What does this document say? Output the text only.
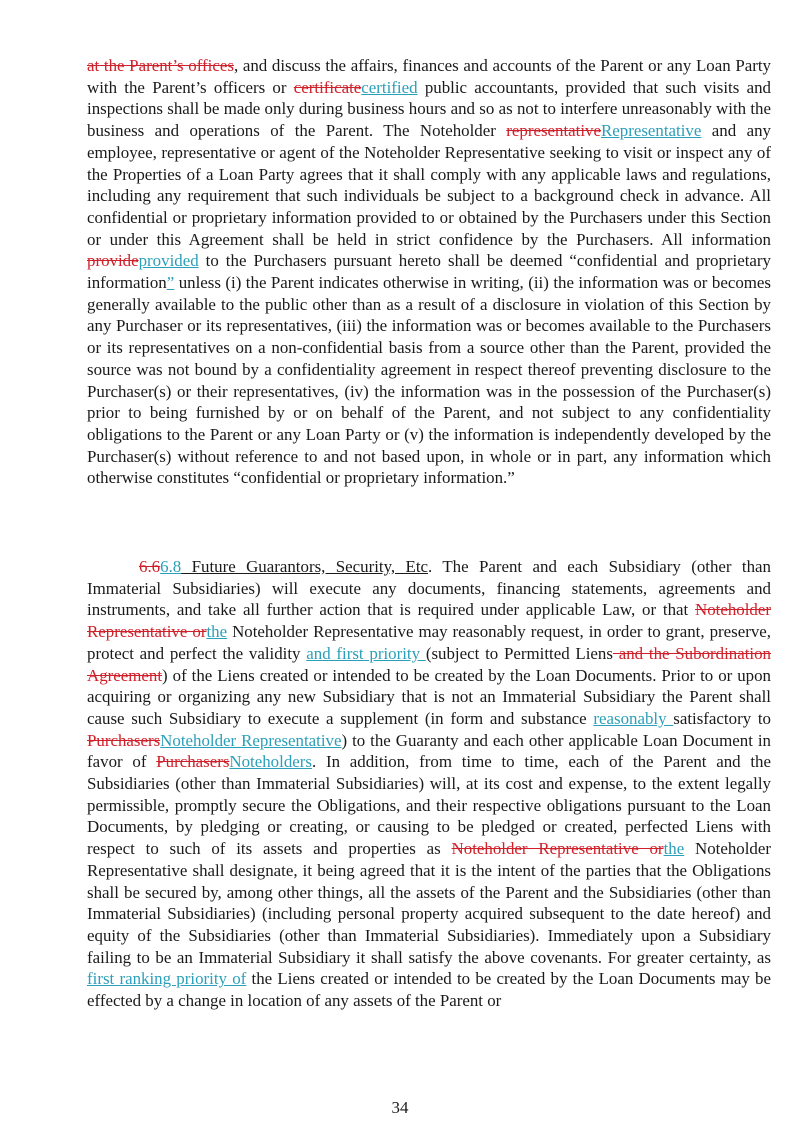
at the Parent’s offices, and discuss the affairs, finances and accounts of the Parent or any Loan Party with the Parent’s officers or certificatecertified public accountants, provided that such visits and inspections shall be made only during business hours and so as not to interfere unreasonably with the business and operations of the Parent. The Noteholder representativeRepresentative and any employee, representative or agent of the Noteholder Representative seeking to visit or inspect any of the Properties of a Loan Party agrees that it shall comply with any applicable laws and regulations, including any requirement that such individuals be subject to a background check in advance. All confidential or proprietary information provided to or obtained by the Purchasers under this Section or under this Agreement shall be held in strict confidence by the Purchasers. All information provideprovided to the Purchasers pursuant hereto shall be deemed “confidential and proprietary information” unless (i) the Parent indicates otherwise in writing, (ii) the information was or becomes generally available to the public other than as a result of a disclosure in violation of this Section by any Purchaser or its representatives, (iii) the information was or becomes available to the Purchasers or its representatives on a non-confidential basis from a source other than the Parent, provided the source was not bound by a confidentiality agreement in respect thereof preventing disclosure to the Purchaser(s) or their representatives, (iv) the information was in the possession of the Purchaser(s) prior to being furnished by or on behalf of the Parent, and not subject to any confidentiality obligations to the Parent or any Loan Party or (v) the information is independently developed by the Purchaser(s) without reference to and not based upon, in whole or in part, any information which otherwise constitutes “confidential or proprietary information.”

6.66.8 Future Guarantors, Security, Etc. The Parent and each Subsidiary (other than Immaterial Subsidiaries) will execute any documents, financing statements, agreements and instruments, and take all further action that is required under applicable Law, or that Noteholder Representative orthe Noteholder Representative may reasonably request, in order to grant, preserve, protect and perfect the validity and first priority (subject to Permitted Liens and the Subordination Agreement) of the Liens created or intended to be created by the Loan Documents. Prior to or upon acquiring or organizing any new Subsidiary that is not an Immaterial Subsidiary the Parent shall cause such Subsidiary to execute a supplement (in form and substance reasonably satisfactory to PurchasersNoteholder Representative) to the Guaranty and each other applicable Loan Document in favor of PurchasersNoteholders. In addition, from time to time, each of the Parent and the Subsidiaries (other than Immaterial Subsidiaries) will, at its cost and expense, to the extent legally permissible, promptly secure the Obligations, and their respective obligations pursuant to the Loan Documents, by pledging or creating, or causing to be pledged or created, perfected Liens with respect to such of its assets and properties as Noteholder Representative orthe Noteholder Representative shall designate, it being agreed that it is the intent of the parties that the Obligations shall be secured by, among other things, all the assets of the Parent and the Subsidiaries (other than Immaterial Subsidiaries) (including personal property acquired subsequent to the date hereof) and equity of the Subsidiaries (other than Immaterial Subsidiaries). Immediately upon a Subsidiary failing to be an Immaterial Subsidiary it shall satisfy the above covenants. For greater certainty, as first ranking priority of the Liens created or intended to be created by the Loan Documents may be effected by a change in location of any assets of the Parent or

34
